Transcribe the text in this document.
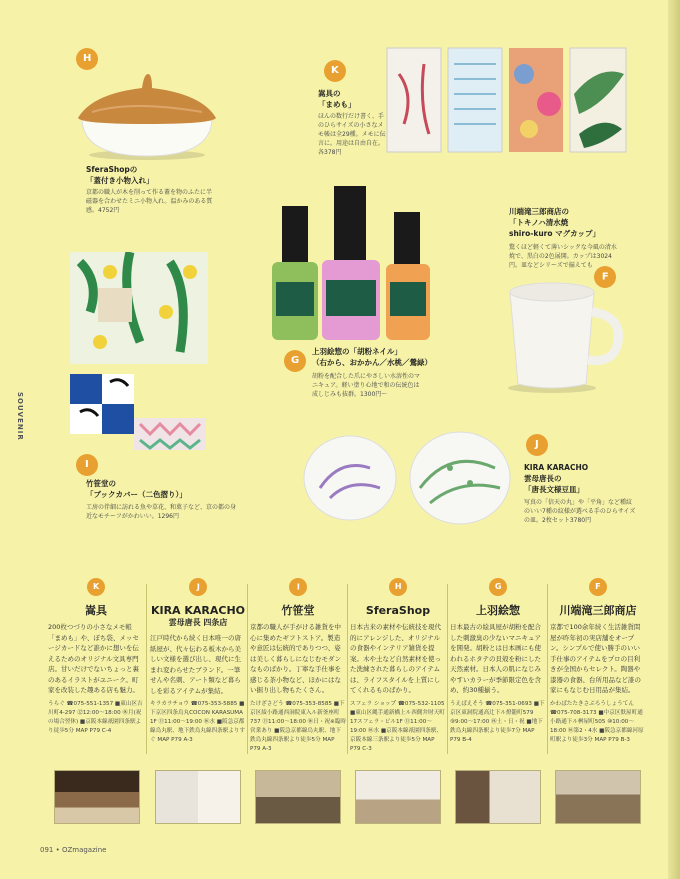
H
SferaShopの
「蓋付き小物入れ」
京都の職人が木を削って作る蓋を物のふたに半磁器を合わせたミニ小物入れ。温かみのある質感。4752円
K
嵩具の
「まめも」
ほんの数行だけ書く、手のひらサイズの小さなメモ帳は全29種。メモに伝言に。用途は自由自在。各378円
川端滝三郎商店の
「トキノハ清水焼
shiro-kuro マグカップ」
驚くほど軽くて薄いシックな今風の清水焼で、黒白の2色展開。カップは3024円。皿などシリーズで揃えても
F
G
上羽絵惣の「胡粉ネイル」
（右から、おかかん／水桃／鶯緑）
胡粉を配合した爪にやさしい水溶性のマニキュア。軽い塗り心地で和の伝統色は成しじみも抜群。1300円〜
SOUVENIR
I
竹笹堂の
「ブックカバー（二色摺り）」
工房の伴細に訪れる魚や草花、和菓子など、京の都の身近なモチーフがかわいい。1296円
J
KIRA KARACHO
雲母唐長の
「唐長文様豆皿」
写真の「信天の丸」や「平角」など種紋のいい7種の紋様が選べる手のひらサイズの皿。2枚セット3780円
K
嵩具
200枚つづりの小さなメモ帳「まめも」や、ぽち袋、メッセージカードなど誰かに想いを伝えるためのオリジナル文具専門店。甘いだけでないちょっと裏のあるイラストがユニーク。町家を改装した趣ある店も魅力。
うらぐ ☎075-551-1357 ■東山区吉川町4-297 ⑫12:00〜18:00 ㊡月(祝の場合翌休) ■京阪本線祇園四条駅より徒歩5分 MAP P79 C-4
J
KIRA KARACHO
雲母唐長 四条店
江戸時代から続く日本唯一の唐紙屋が、代々伝わる板木から美しい文様を選び出し、現代に生まれ変わらせたブランド。一筆せんや名刺、アート類など暮らしを彩るアイテムが集結。
キラカラチョウ ☎075-353-5885 ■下京区四条烏丸COCON KARASUMA 1F ⑪11:00〜19:00 ㊡水 ■阪急京都線烏丸駅、地下鉄烏丸線四条駅よりすぐ MAP P79 A-3
I
竹笹堂
京都の職人が手がける雑貨を中心に集めたギフトストア。製造や意匠は伝統的でありつつ、姿は美しく暮らしになじむモダンなものばかり。丁寧な手仕事を感じる茶小物など、ほかにはない掘り出し物もたくさん。
たけざさどう ☎075-353-8585 ■下京区綾小路通西洞院東入ル新釜座町737 ⑪11:00〜18:00 ㊡日・祝※臨時営業あり ■阪急京都線烏丸駅、地下鉄烏丸線四条駅より徒歩5分 MAP P79 A-3
H
SferaShop
日本古来の素材や伝統技を現代的にアレンジした、オリジナルの食器やインテリア雑貨を提案。木や土など自然素材を使った洗練された暮らしのアイテムは、ライフスタイルを上質にしてくれるものばかり。
スフェラ ショップ ☎075-532-1105 ■東山区縄手通新橋上ル西側弁財天町17スフェラ・ビル1F ⑪11:00〜19:00 ㊡水 ■京阪本線祇園四条駅、京阪本線三条駅より徒歩5分 MAP P79 C-3
G
上羽絵惣
日本最古の絵具屋が胡粉を配合した刺激臭の少ないマニキュアを開発。胡粉とは日本画にも使われるホタテの貝殻を粉にした天然素材。日本人の肌になじみやすいカラーが季節限定色を含め、約30種揃う。
うえばえそう ☎075-351-0693 ■下京区東洞院通高辻下ル燈籠町579 ⑨9:00〜17:00 ㊡土・日・祝 ■地下鉄烏丸線四条駅より徒歩7分 MAP P79 B-4
F
川端滝三郎商店
京都で100余年続く生活雑貨問屋が昨年初の実店舗をオープン。シンプルで使い勝手のいい手仕事のアイテムをプロの目利きが全国からセレクト。陶器や漆器の食器、台所用品など誰の家にもなじむ日用品が集結。
かわばたたきさぶろうしょうてん ☎075-708-3173 ■中京区麩屋町通小路通下ル桝屋町505 ⑩10:00〜18:00 ㊡第2・4水 ■阪急京都線河原町駅より徒歩3分 MAP P79 B-3
091 • OZmagazine
